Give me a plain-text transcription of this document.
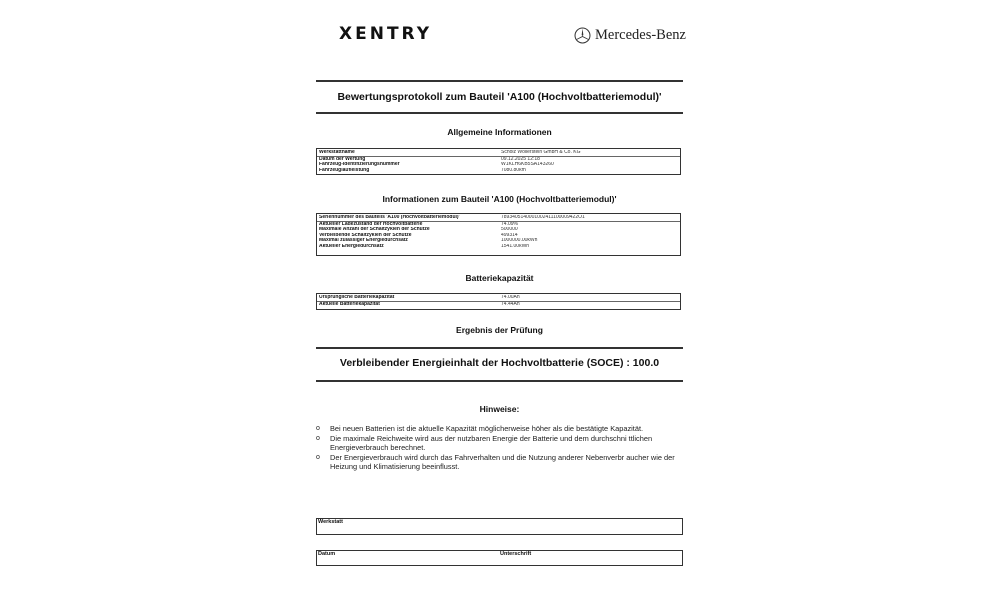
XENTRY	Mercedes-Benz
Bewertungsprotokoll zum Bauteil 'A100 (Hochvoltbatteriemodul)'
Allgemeine Informationen
Werkstattname	Scholz Wöllerstein GmbH & Co. KG
Datum der Wertung	09.12.2025 12:18
Fahrzeug-Identifizierungsnummer	W1KLH6KB5SA143260
Fahrzeuglaufleistung	7080.80km
Informationen zum Bauteil 'A100 (Hochvoltbatteriemodul)'
Seriennummer des Bauteils 'A100 (Hochvoltbatteriemodul)'	7893405140001002411100009422O1
Aktueller Ladezustand der Hochvoltbatterie	74.09%
Maximale Anzahl der Schaltzyklen der Schütze	500000
Verbleibende Schaltzyklen der Schütze	499314
Maximal zulässiger Energiedurchsatz	1000000.00kWh
Aktueller Energiedurchsatz	1541.00kWh
Batteriekapazität
Ursprüngliche Batteriekapazität	74.00Ah
Aktuelle Batteriekapazität	74.44Ah
Ergebnis der Prüfung
Verbleibender Energieinhalt der Hochvoltbatterie (SOCE) : 100.0
Hinweise:
o	Bei neuen Batterien ist die aktuelle Kapazität möglicherweise höher als die bestätigte Kapazität.
o	Die maximale Reichweite wird aus der nutzbaren Energie der Batterie und dem durchschni ttlichen Energieverbrauch berechnet.
o	Der Energieverbrauch wird durch das Fahrverhalten und die Nutzung anderer Nebenverbr aucher wie der Heizung und Klimatisierung beeinflusst.
Werkstatt
Datum	Unterschrift
